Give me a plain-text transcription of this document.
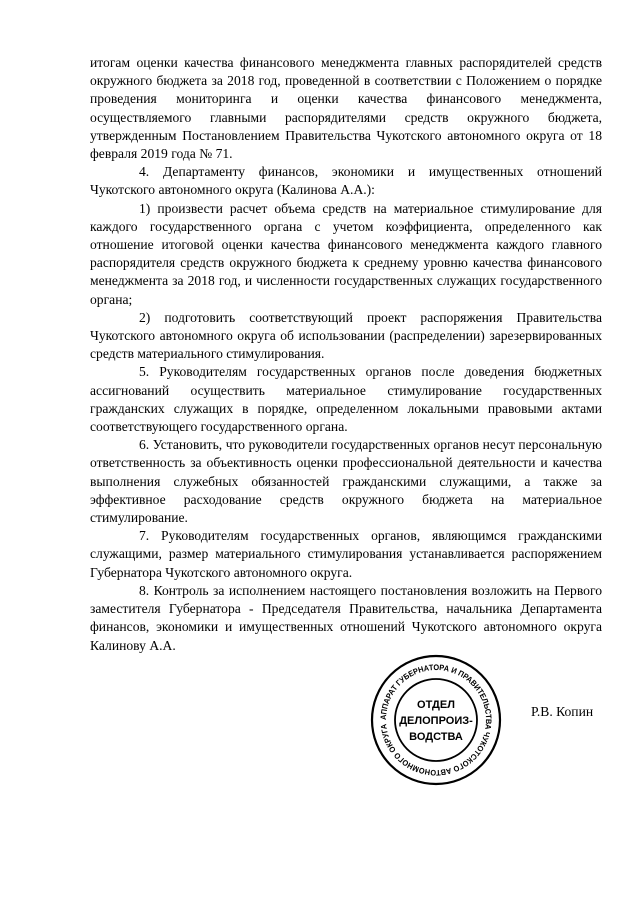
итогам оценки качества финансового менеджмента главных распорядителей средств окружного бюджета за 2018 год, проведенной в соответствии с Положением о порядке проведения мониторинга и оценки качества финансового менеджмента, осуществляемого главными распорядителями средств окружного бюджета, утвержденным Постановлением Правительства Чукотского автономного округа от 18 февраля 2019 года № 71.

4. Департаменту финансов, экономики и имущественных отношений Чукотского автономного округа (Калинова А.А.):

1) произвести расчет объема средств на материальное стимулирование для каждого государственного органа с учетом коэффициента, определенного как отношение итоговой оценки качества финансового менеджмента каждого главного распорядителя средств окружного бюджета к среднему уровню качества финансового менеджмента за 2018 год, и численности государственных служащих государственного органа;

2) подготовить соответствующий проект распоряжения Правительства Чукотского автономного округа об использовании (распределении) зарезервированных средств материального стимулирования.

5. Руководителям государственных органов после доведения бюджетных ассигнований осуществить материальное стимулирование государственных гражданских служащих в порядке, определенном локальными правовыми актами соответствующего государственного органа.

6. Установить, что руководители государственных органов несут персональную ответственность за объективность оценки профессиональной деятельности и качества выполнения служебных обязанностей гражданскими служащими, а также за эффективное расходование средств окружного бюджета на материальное стимулирование.

7. Руководителям государственных органов, являющимся гражданскими служащими, размер материального стимулирования устанавливается распоряжением Губернатора Чукотского автономного округа.

8. Контроль за исполнением настоящего постановления возложить на Первого заместителя Губернатора - Председателя Правительства, начальника Департамента финансов, экономики и имущественных отношений Чукотского автономного округа Калинову А.А.

АППАРАТ ГУБЕРНАТОРА И ПРАВИТЕЛЬСТВА ЧУКОТСКОГО АВТОНОМНОГО ОКРУГА
ОТДЕЛ
ДЕЛОПРОИЗ-
ВОДСТВА
Р.В. Копин
